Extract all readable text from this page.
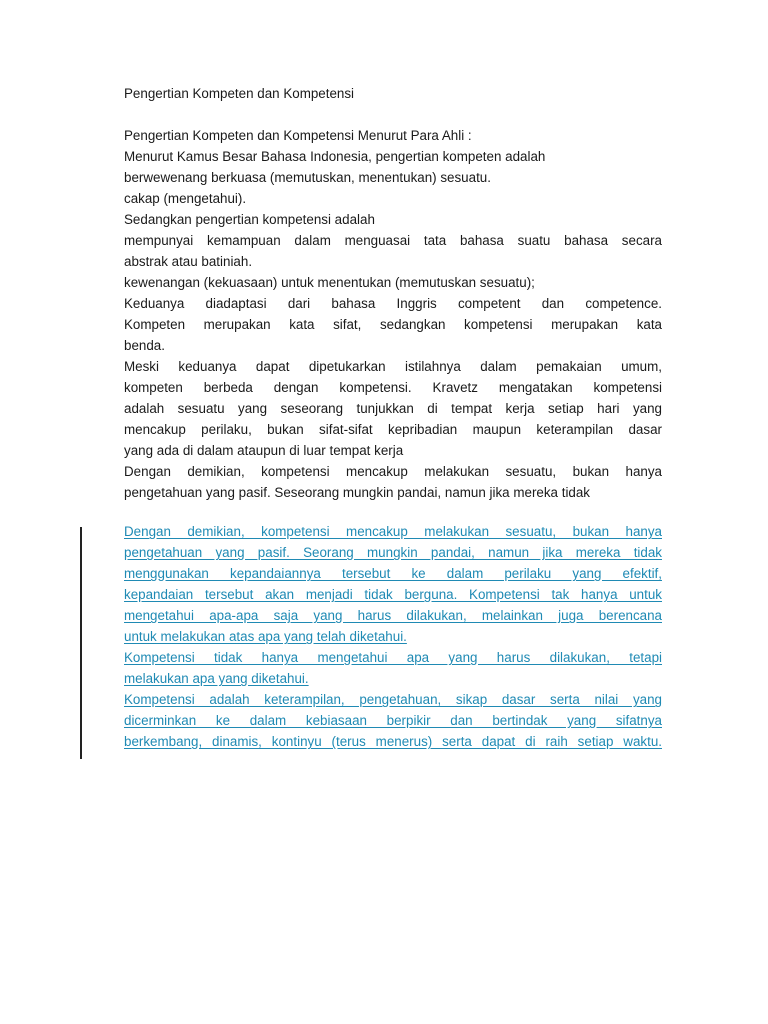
Pengertian Kompeten dan Kompetensi
Pengertian Kompeten dan Kompetensi Menurut Para Ahli :
Menurut Kamus Besar Bahasa Indonesia, pengertian kompeten adalah
berwewenang berkuasa (memutuskan, menentukan) sesuatu.
cakap (mengetahui).
Sedangkan pengertian kompetensi adalah
mempunyai kemampuan dalam menguasai tata bahasa suatu bahasa secara
abstrak atau batiniah.
kewenangan (kekuasaan) untuk menentukan (memutuskan sesuatu);
Keduanya diadaptasi dari bahasa Inggris competent dan competence.
Kompeten merupakan kata sifat, sedangkan kompetensi merupakan kata
benda.
Meski keduanya dapat dipetukarkan istilahnya dalam pemakaian umum,
kompeten berbeda dengan kompetensi. Kravetz mengatakan kompetensi
adalah sesuatu yang seseorang tunjukkan di tempat kerja setiap hari yang
mencakup perilaku, bukan sifat-sifat kepribadian maupun keterampilan dasar
yang ada di dalam ataupun di luar tempat kerja
Dengan demikian, kompetensi mencakup melakukan sesuatu, bukan hanya
pengetahuan yang pasif. Seseorang mungkin pandai, namun jika mereka tidak
Dengan demikian, kompetensi mencakup melakukan sesuatu, bukan hanya
pengetahuan yang pasif. Seorang mungkin pandai, namun jika mereka tidak
menggunakan kepandaiannya tersebut ke dalam perilaku yang efektif,
kepandaian tersebut akan menjadi tidak berguna. Kompetensi tak hanya untuk
mengetahui apa-apa saja yang harus dilakukan, melainkan juga berencana
untuk melakukan atas apa yang telah diketahui.
Kompetensi tidak hanya mengetahui apa yang harus dilakukan, tetapi
melakukan apa yang diketahui.
Kompetensi adalah keterampilan, pengetahuan, sikap dasar serta nilai yang
dicerminkan ke dalam kebiasaan berpikir dan bertindak yang sifatnya
berkembang, dinamis, kontinyu (terus menerus) serta dapat di raih setiap waktu.
